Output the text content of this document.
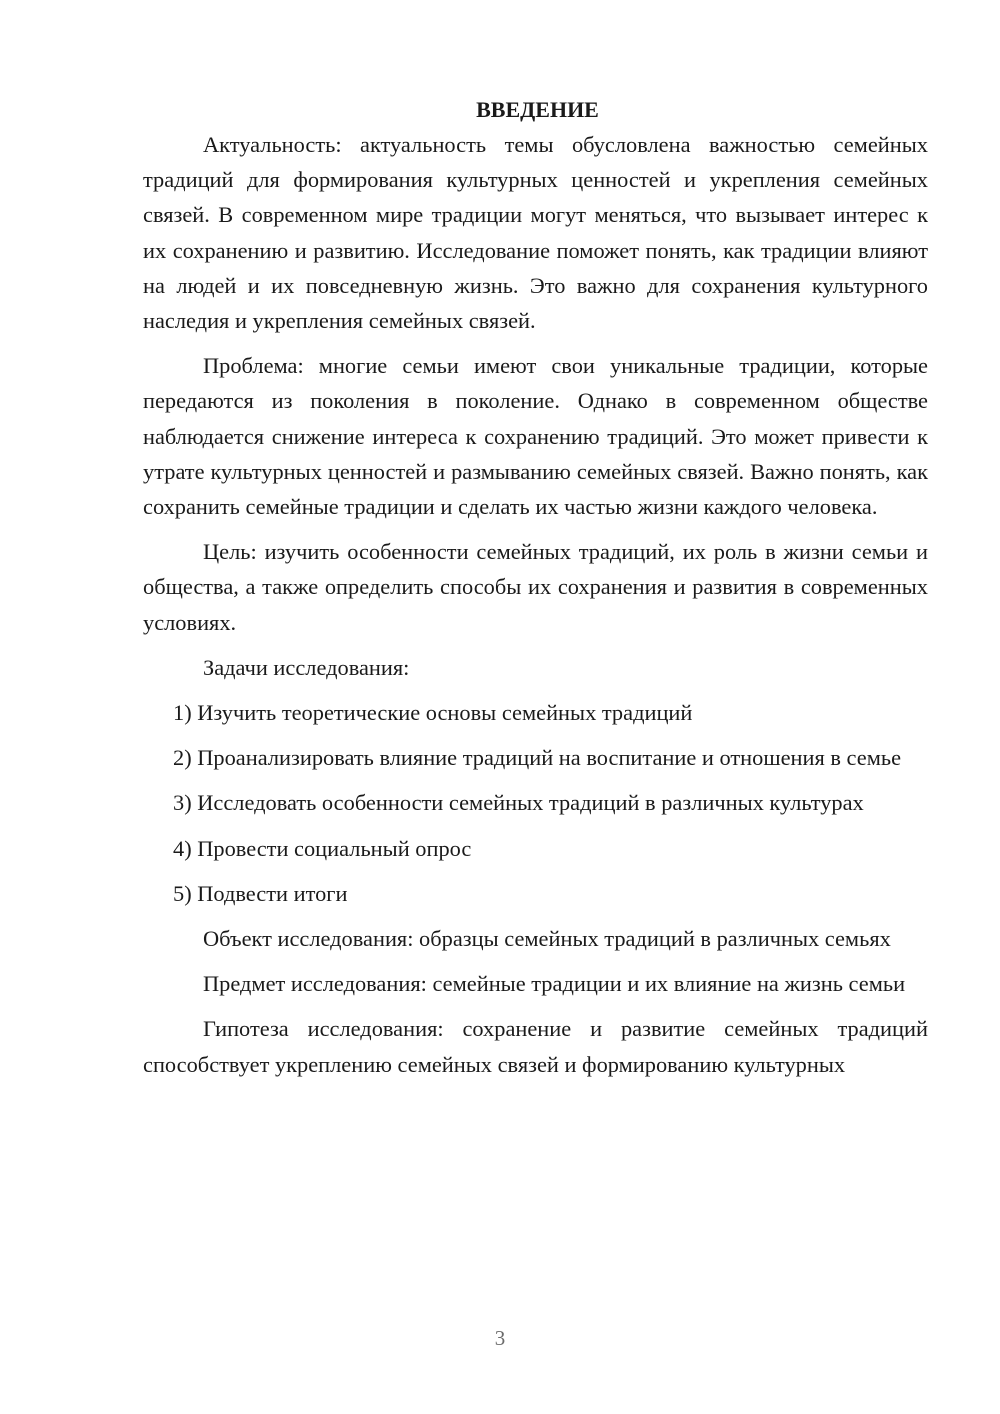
ВВЕДЕНИЕ

Актуальность: актуальность темы обусловлена важностью семейных традиций для формирования культурных ценностей и укрепления семейных связей. В современном мире традиции могут меняться, что вызывает интерес к их сохранению и развитию. Исследование поможет понять, как традиции влияют на людей и их повседневную жизнь. Это важно для сохранения культурного наследия и укрепления семейных связей.

Проблема: многие семьи имеют свои уникальные традиции, которые передаются из поколения в поколение. Однако в современном обществе наблюдается снижение интереса к сохранению традиций. Это может привести к утрате культурных ценностей и размыванию семейных связей. Важно понять, как сохранить семейные традиции и сделать их частью жизни каждого человека.

Цель: изучить особенности семейных традиций, их роль в жизни семьи и общества, а также определить способы их сохранения и развития в современных условиях.

Задачи исследования:

1) Изучить теоретические основы семейных традиций

2) Проанализировать влияние традиций на воспитание и отношения в семье

3) Исследовать особенности семейных традиций в различных культурах

4) Провести социальный опрос

5) Подвести итоги

Объект исследования: образцы семейных традиций в различных семьях

Предмет исследования: семейные традиции и их влияние на жизнь семьи

Гипотеза исследования: сохранение и развитие семейных традиций способствует укреплению семейных связей и формированию культурных

3
